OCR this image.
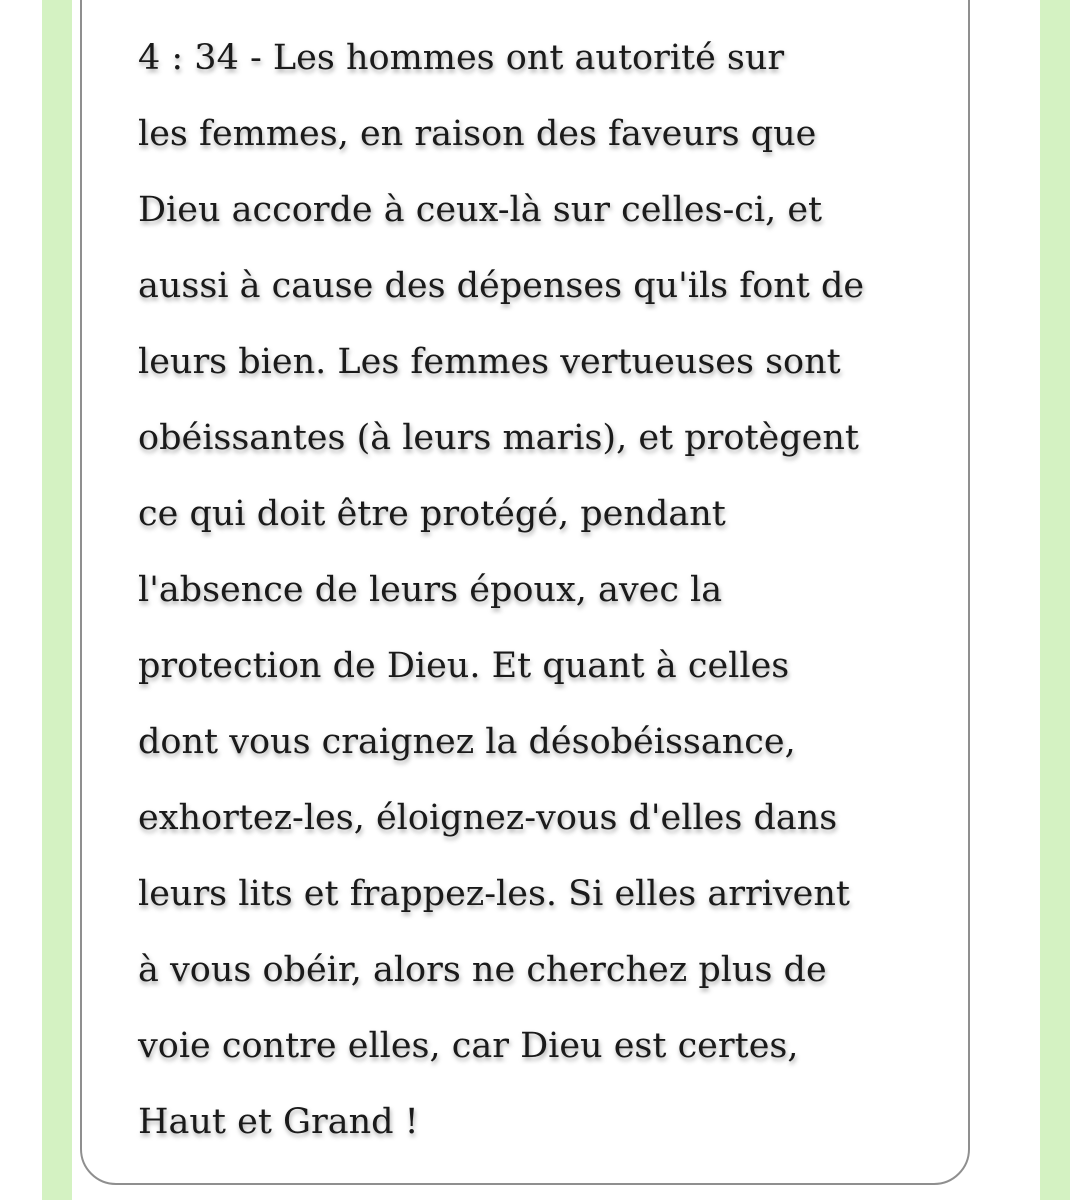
4 : 34 - Les hommes ont autorité sur
les femmes, en raison des faveurs que
Dieu accorde à ceux-là sur celles-ci, et
aussi à cause des dépenses qu'ils font de
leurs bien. Les femmes vertueuses sont
obéissantes (à leurs maris), et protègent
ce qui doit être protégé, pendant
l'absence de leurs époux, avec la
protection de Dieu. Et quant à celles
dont vous craignez la désobéissance,
exhortez-les, éloignez-vous d'elles dans
leurs lits et frappez-les. Si elles arrivent
à vous obéir, alors ne cherchez plus de
voie contre elles, car Dieu est certes,
Haut et Grand !
